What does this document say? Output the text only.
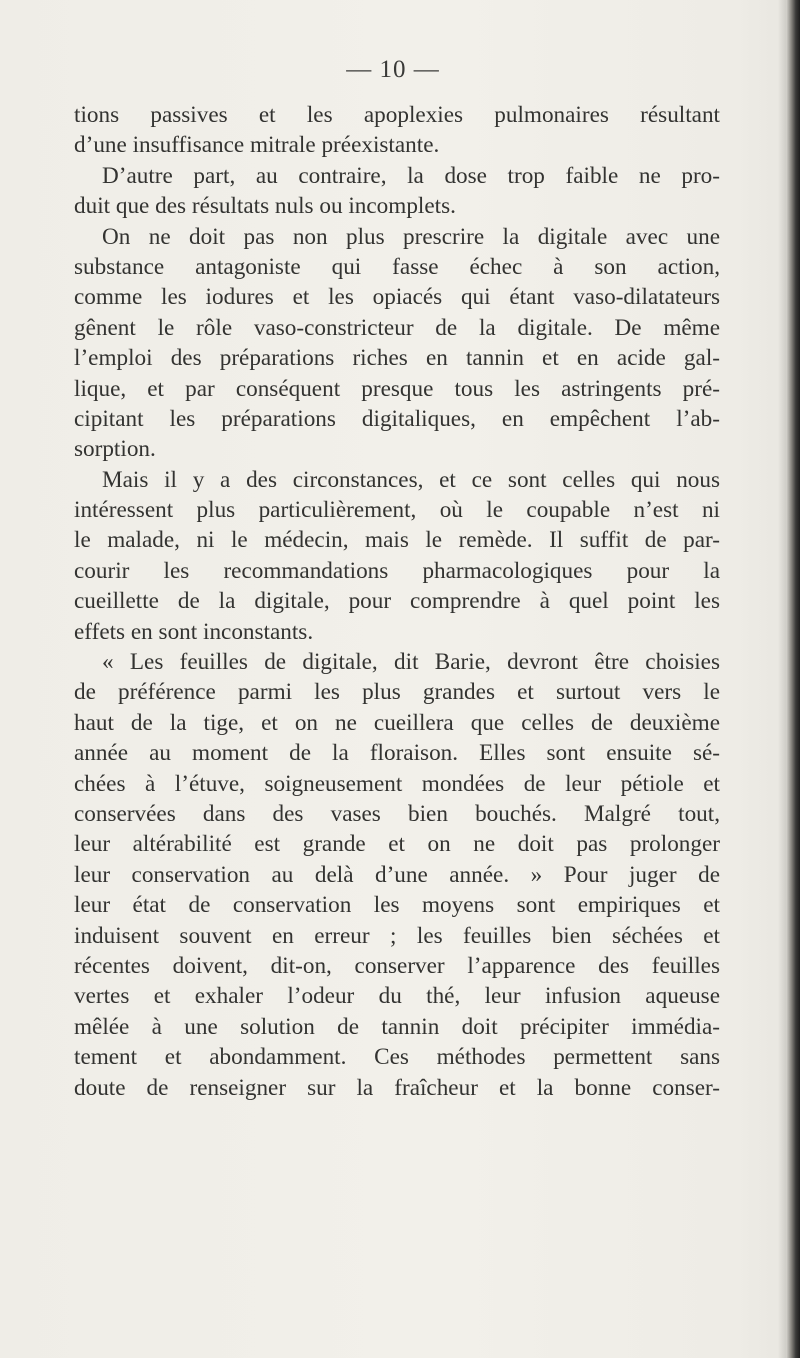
— 10 —
tions passives et les apoplexies pulmonaires résultant
d’une insuffisance mitrale préexistante.
D’autre part, au contraire, la dose trop faible ne pro-
duit que des résultats nuls ou incomplets.
On ne doit pas non plus prescrire la digitale avec une
substance antagoniste qui fasse échec à son action,
comme les iodures et les opiacés qui étant vaso-dilatateurs
gênent le rôle vaso-constricteur de la digitale. De même
l’emploi des préparations riches en tannin et en acide gal-
lique, et par conséquent presque tous les astringents pré-
cipitant les préparations digitaliques, en empêchent l’ab-
sorption.
Mais il y a des circonstances, et ce sont celles qui nous
intéressent plus particulièrement, où le coupable n’est ni
le malade, ni le médecin, mais le remède. Il suffit de par-
courir les recommandations pharmacologiques pour la
cueillette de la digitale, pour comprendre à quel point les
effets en sont inconstants.
« Les feuilles de digitale, dit Barie, devront être choisies
de préférence parmi les plus grandes et surtout vers le
haut de la tige, et on ne cueillera que celles de deuxième
année au moment de la floraison. Elles sont ensuite sé-
chées à l’étuve, soigneusement mondées de leur pétiole et
conservées dans des vases bien bouchés. Malgré tout,
leur altérabilité est grande et on ne doit pas prolonger
leur conservation au delà d’une année. » Pour juger de
leur état de conservation les moyens sont empiriques et
induisent souvent en erreur ; les feuilles bien séchées et
récentes doivent, dit-on, conserver l’apparence des feuilles
vertes et exhaler l’odeur du thé, leur infusion aqueuse
mêlée à une solution de tannin doit précipiter immédia-
tement et abondamment. Ces méthodes permettent sans
doute de renseigner sur la fraîcheur et la bonne conser-
